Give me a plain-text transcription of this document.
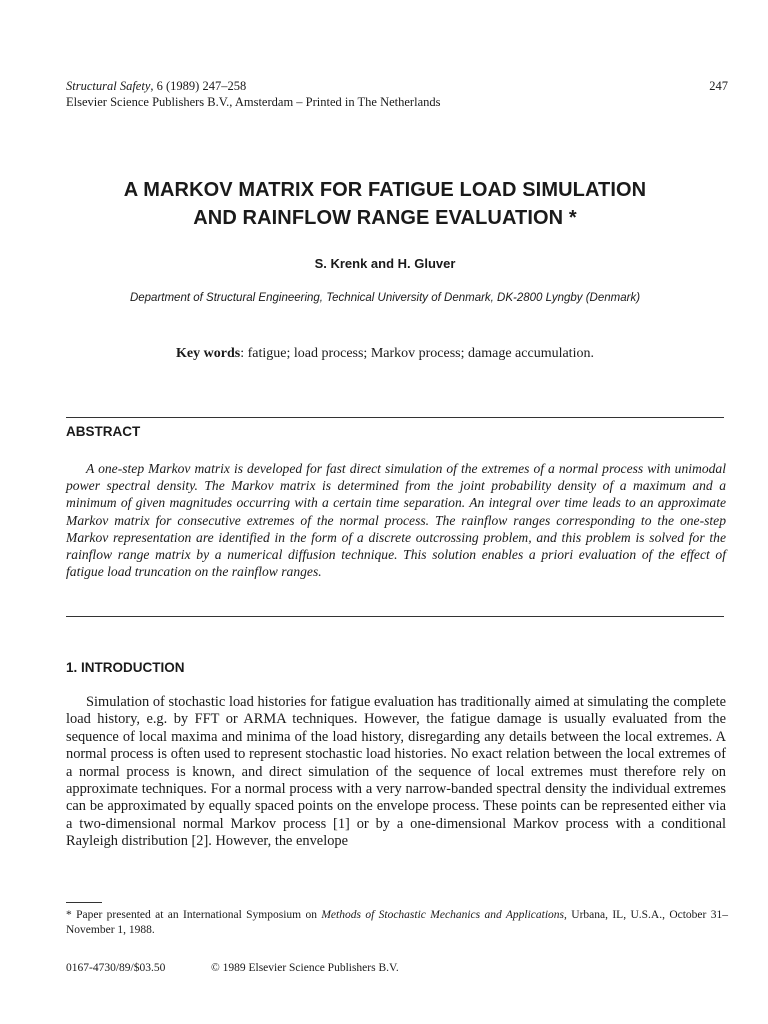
Structural Safety, 6 (1989) 247–258
Elsevier Science Publishers B.V., Amsterdam – Printed in The Netherlands
247
A MARKOV MATRIX FOR FATIGUE LOAD SIMULATION
AND RAINFLOW RANGE EVALUATION *
S. Krenk and H. Gluver
Department of Structural Engineering, Technical University of Denmark, DK-2800 Lyngby (Denmark)
Key words: fatigue; load process; Markov process; damage accumulation.
ABSTRACT

A one-step Markov matrix is developed for fast direct simulation of the extremes of a normal process with unimodal power spectral density. The Markov matrix is determined from the joint probability density of a maximum and a minimum of given magnitudes occurring with a certain time separation. An integral over time leads to an approximate Markov matrix for consecutive extremes of the normal process. The rainflow ranges corresponding to the one-step Markov representation are identified in the form of a discrete outcrossing problem, and this problem is solved for the rainflow range matrix by a numerical diffusion technique. This solution enables a priori evaluation of the effect of fatigue load truncation on the rainflow ranges.

1. INTRODUCTION

Simulation of stochastic load histories for fatigue evaluation has traditionally aimed at simulating the complete load history, e.g. by FFT or ARMA techniques. However, the fatigue damage is usually evaluated from the sequence of local maxima and minima of the load history, disregarding any details between the local extremes. A normal process is often used to represent stochastic load histories. No exact relation between the local extremes of a normal process is known, and direct simulation of the sequence of local extremes must therefore rely on approximate techniques. For a normal process with a very narrow-banded spectral density the individual extremes can be approximated by equally spaced points on the envelope process. These points can be represented either via a two-dimensional normal Markov process [1] or by a one-dimensional Markov process with a conditional Rayleigh distribution [2]. However, the envelope

* Paper presented at an International Symposium on Methods of Stochastic Mechanics and Applications, Urbana, IL, U.S.A., October 31–November 1, 1988.
0167-4730/89/$03.50	© 1989 Elsevier Science Publishers B.V.
